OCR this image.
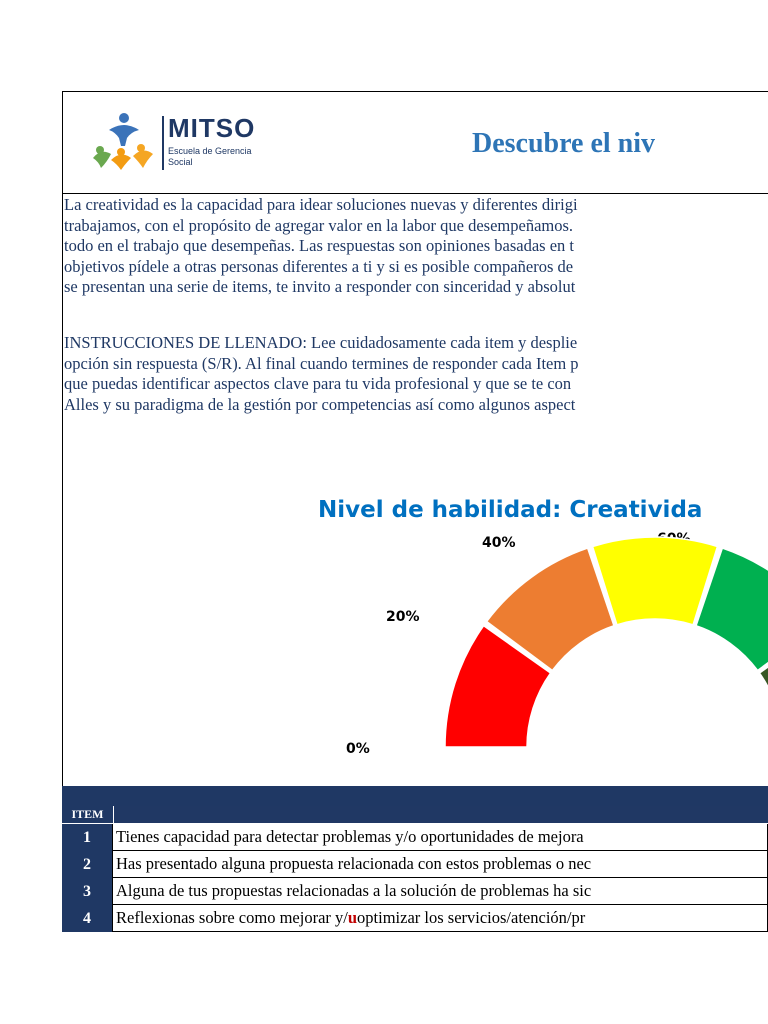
MITSO
Escuela de Gerencia
Social
Descubre el niv
La creatividad es la capacidad para idear soluciones nuevas y diferentes dirigi
trabajamos, con el propósito de agregar valor en la labor que desempeñamos.
todo en el trabajo que desempeñas. Las respuestas son opiniones basadas en t
objetivos pídele a otras personas diferentes a ti y si es posible compañeros de
se presentan una serie de items, te invito a responder con sinceridad y absolut
INSTRUCCIONES DE LLENADO: Lee cuidadosamente cada item y desplie
opción sin respuesta (S/R). Al final cuando termines de responder cada Item p
que puedas identificar aspectos clave para tu vida profesional y que se te con
Alles y su paradigma de la gestión por competencias así como algunos aspect
Nivel de habilidad: Creativida
0%
20%
40%
ITEM
1	Tienes capacidad para detectar problemas y/o oportunidades de mejora
2	Has presentado alguna propuesta relacionada con estos problemas o nec
3	Alguna de tus propuestas relacionadas a la solución de problemas ha sic
4	Reflexionas sobre como mejorar y/ u optimizar los servicios/atención/pr
